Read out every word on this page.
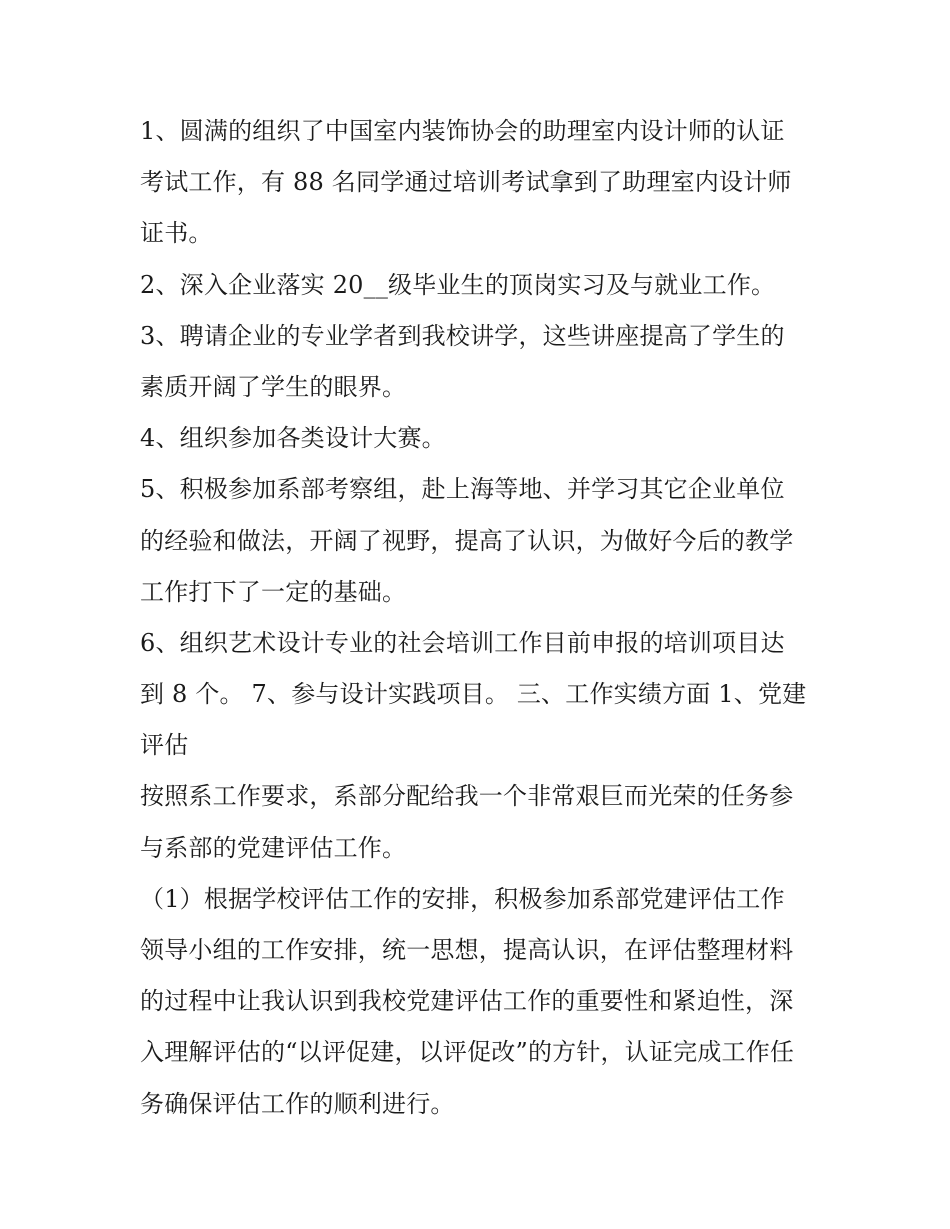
1、圆满的组织了中国室内装饰协会的助理室内设计师的认证
考试工作，有 88 名同学通过培训考试拿到了助理室内设计师
证书。
2、深入企业落实 20__级毕业生的顶岗实习及与就业工作。
3、聘请企业的专业学者到我校讲学，这些讲座提高了学生的
素质开阔了学生的眼界。
4、组织参加各类设计大赛。
5、积极参加系部考察组，赴上海等地、并学习其它企业单位
的经验和做法，开阔了视野，提高了认识，为做好今后的教学
工作打下了一定的基础。
6、组织艺术设计专业的社会培训工作目前申报的培训项目达
到 8 个。 7、参与设计实践项目。 三、工作实绩方面 1、党建
评估
按照系工作要求，系部分配给我一个非常艰巨而光荣的任务参
与系部的党建评估工作。
（1）根据学校评估工作的安排，积极参加系部党建评估工作
领导小组的工作安排，统一思想，提高认识，在评估整理材料
的过程中让我认识到我校党建评估工作的重要性和紧迫性，深
入理解评估的“以评促建，以评促改”的方针，认证完成工作任
务确保评估工作的顺利进行。
